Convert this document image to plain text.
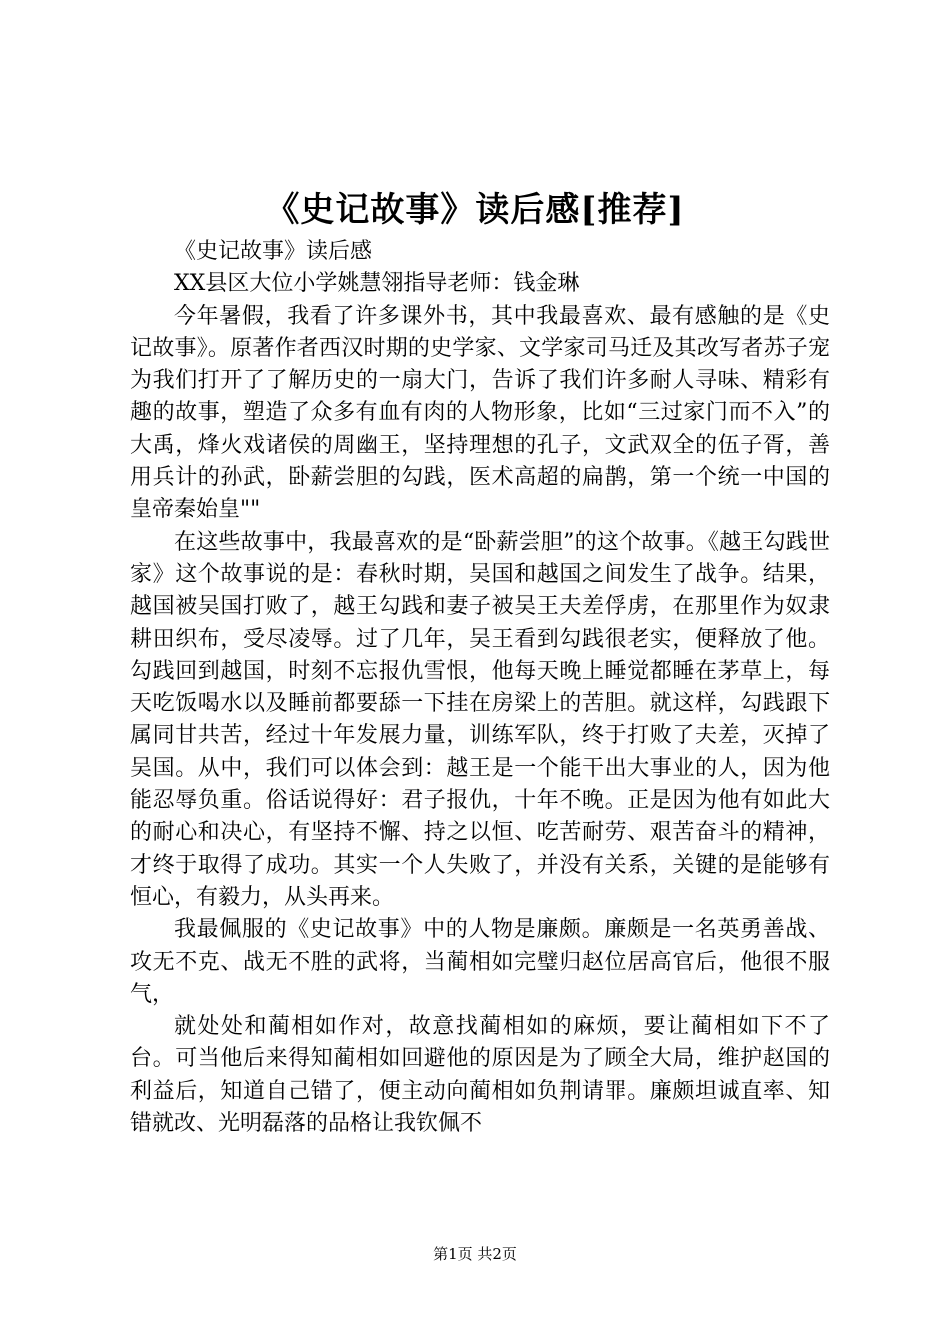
《史记故事》读后感[推荐]

《史记故事》读后感

XX县区大位小学姚慧翎指导老师：钱金琳

今年暑假，我看了许多课外书，其中我最喜欢、最有感触的是《史记故事》。原著作者西汉时期的史学家、文学家司马迁及其改写者苏子宠为我们打开了了解历史的一扇大门，告诉了我们许多耐人寻味、精彩有趣的故事，塑造了众多有血有肉的人物形象，比如“三过家门而不入”的大禹，烽火戏诸侯的周幽王，坚持理想的孔子，文武双全的伍子胥，善用兵计的孙武，卧薪尝胆的勾践，医术高超的扁鹊，第一个统一中国的皇帝秦始皇""

在这些故事中，我最喜欢的是“卧薪尝胆”的这个故事。《越王勾践世家》这个故事说的是：春秋时期，吴国和越国之间发生了战争。结果，越国被吴国打败了，越王勾践和妻子被吴王夫差俘虏，在那里作为奴隶耕田织布，受尽凌辱。过了几年，吴王看到勾践很老实，便释放了他。勾践回到越国，时刻不忘报仇雪恨，他每天晚上睡觉都睡在茅草上，每天吃饭喝水以及睡前都要舔一下挂在房梁上的苦胆。就这样，勾践跟下属同甘共苦，经过十年发展力量，训练军队，终于打败了夫差，灭掉了吴国。从中，我们可以体会到：越王是一个能干出大事业的人，因为他能忍辱负重。俗话说得好：君子报仇，十年不晚。正是因为他有如此大的耐心和决心，有坚持不懈、持之以恒、吃苦耐劳、艰苦奋斗的精神，才终于取得了成功。其实一个人失败了，并没有关系，关键的是能够有恒心，有毅力，从头再来。

我最佩服的《史记故事》中的人物是廉颇。廉颇是一名英勇善战、攻无不克、战无不胜的武将，当蔺相如完璧归赵位居高官后，他很不服气，

就处处和蔺相如作对，故意找蔺相如的麻烦，要让蔺相如下不了台。可当他后来得知蔺相如回避他的原因是为了顾全大局，维护赵国的利益后，知道自己错了，便主动向蔺相如负荆请罪。廉颇坦诚直率、知错就改、光明磊落的品格让我钦佩不

第1页 共2页
